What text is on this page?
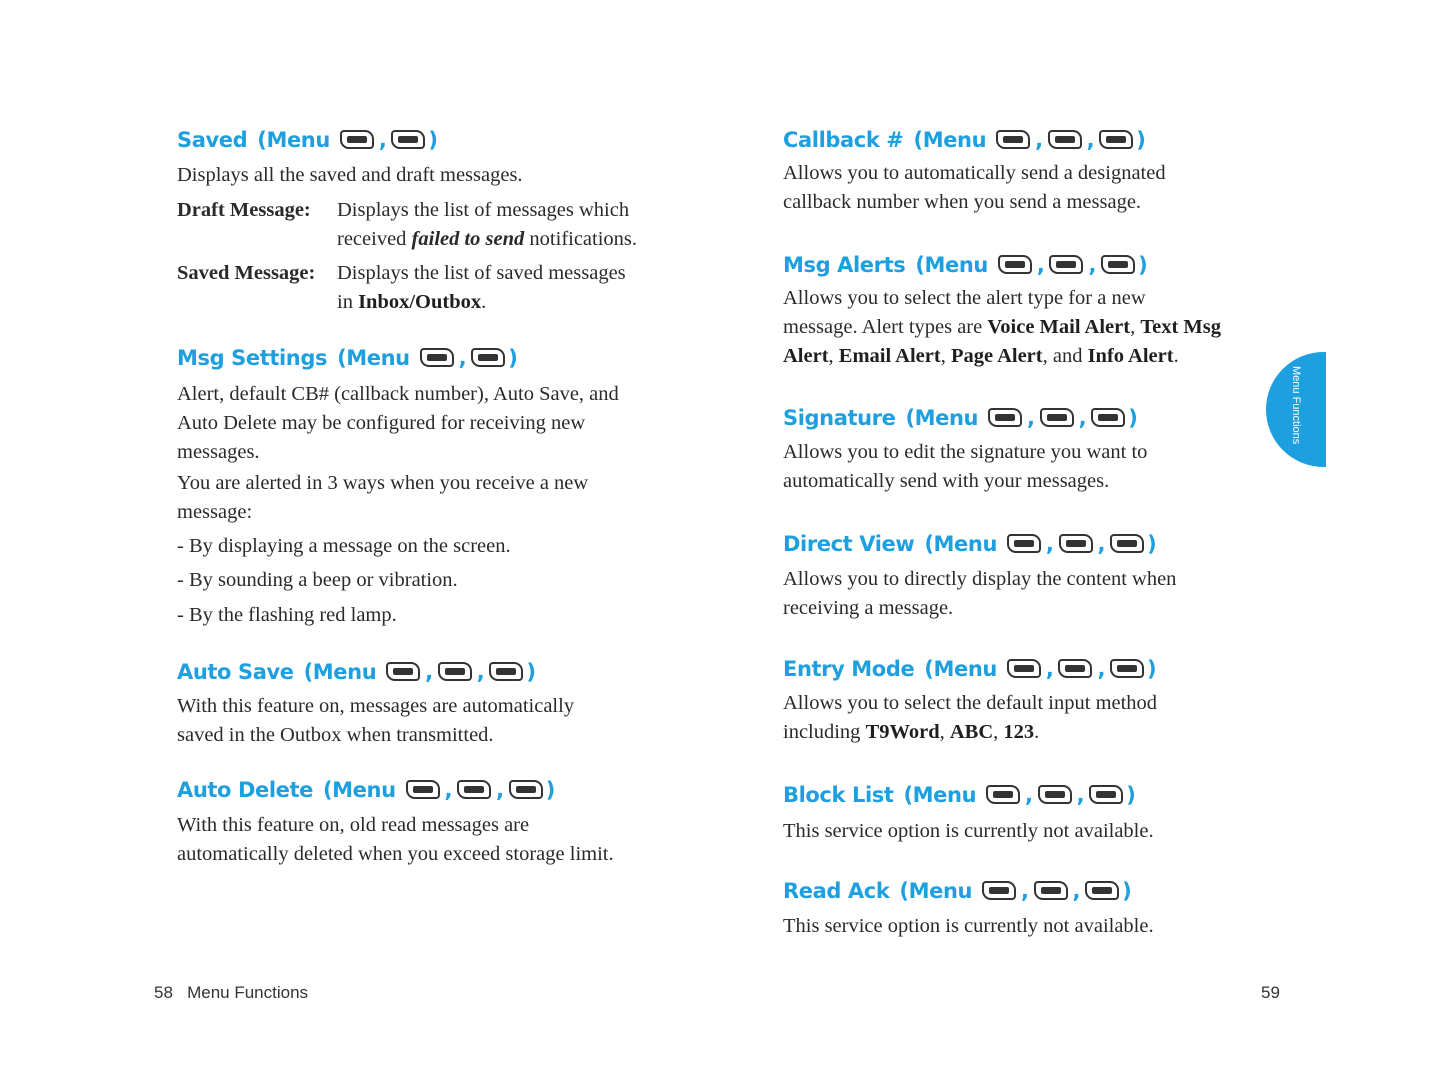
Saved (Menu , )
Displays all the saved and draft messages.
Draft Message: Displays the list of messages which
received failed to send notifications.
Saved Message: Displays the list of saved messages
in Inbox/Outbox.
Msg Settings (Menu , )
Alert, default CB# (callback number), Auto Save, and
Auto Delete may be configured for receiving new
messages.
You are alerted in 3 ways when you receive a new
message:
- By displaying a message on the screen.
- By sounding a beep or vibration.
- By the flashing red lamp.
Auto Save (Menu , , )
With this feature on, messages are automatically
saved in the Outbox when transmitted.
Auto Delete (Menu , , )
With this feature on, old read messages are
automatically deleted when you exceed storage limit.
58 Menu Functions
Callback # (Menu , , )
Allows you to automatically send a designated
callback number when you send a message.
Msg Alerts (Menu , , )
Allows you to select the alert type for a new
message. Alert types are Voice Mail Alert, Text Msg
Alert, Email Alert, Page Alert, and Info Alert.
Signature (Menu , , )
Allows you to edit the signature you want to
automatically send with your messages.
Direct View (Menu , , )
Allows you to directly display the content when
receiving a message.
Entry Mode (Menu , , )
Allows you to select the default input method
including T9Word, ABC, 123.
Block List (Menu , , )
This service option is currently not available.
Read Ack (Menu , , )
This service option is currently not available.
59
Menu Functions
